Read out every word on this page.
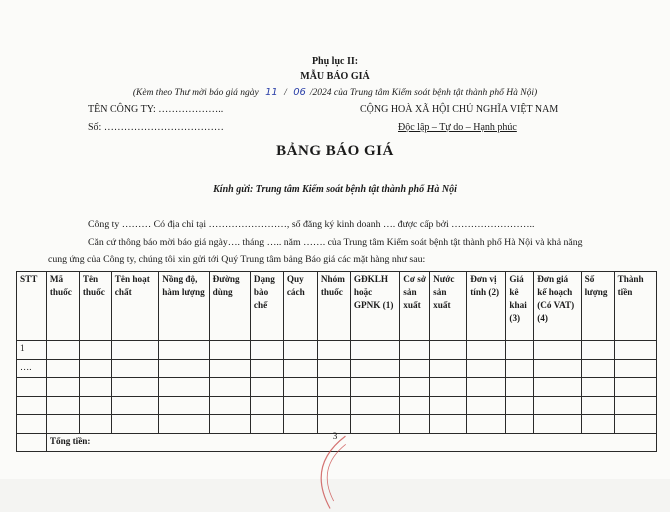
Phụ lục II:
MẪU BÁO GIÁ
(Kèm theo Thư mời báo giá ngày 11 / 06 /2024 của Trung tâm Kiểm soát bệnh tật thành phố Hà Nội)
TÊN CÔNG TY: ………………..
Số: ………………………………
CỘNG HOÀ XÃ HỘI CHỦ NGHĨA VIỆT NAM
Độc lập – Tự do – Hạnh phúc
BẢNG BÁO GIÁ
Kính gửi: Trung tâm Kiểm soát bệnh tật thành phố Hà Nội
Công ty ……… Có địa chỉ tại ……………………, số đăng ký kinh doanh …. được cấp bởi ……………………..
Căn cứ thông báo mời báo giá ngày…. tháng ….. năm ……. của Trung tâm Kiểm soát bệnh tật thành phố Hà Nội và khả năng
cung ứng của Công ty, chúng tôi xin gửi tới Quý Trung tâm bảng Báo giá các mặt hàng như sau:
STT	Mã thuốc	Tên thuốc	Tên hoạt chất	Nồng độ, hàm lượng	Đường dùng	Dạng bào chế	Quy cách	Nhóm thuốc	GĐKLH hoặc GPNK (1)	Cơ sở sản xuất	Nước sản xuất	Đơn vị tính (2)	Giá kê khai (3)	Đơn giá kế hoạch (Có VAT)(4)	Số lượng	Thành tiền
1																
….																

	Tổng tiền:																3
